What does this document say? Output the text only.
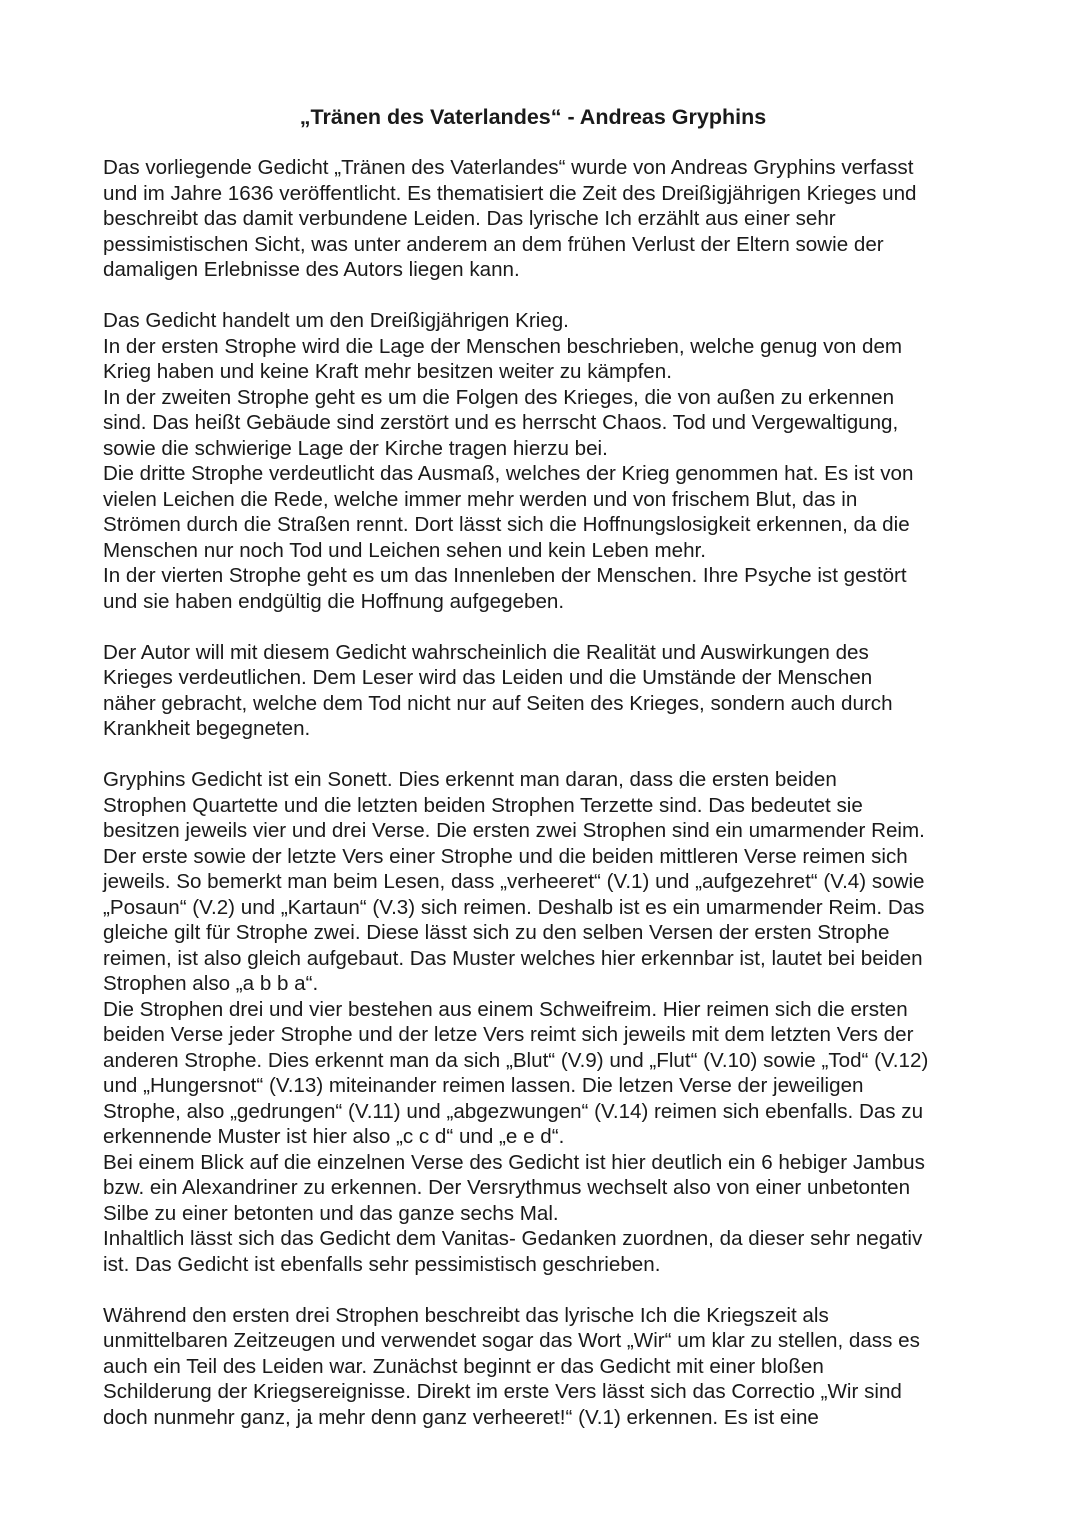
„Tränen des Vaterlandes“ - Andreas Gryphins
Das vorliegende Gedicht „Tränen des Vaterlandes“ wurde von Andreas Gryphins verfasst
und im Jahre 1636 veröffentlicht. Es thematisiert die Zeit des Dreißigjährigen Krieges und
beschreibt das damit verbundene Leiden. Das lyrische Ich erzählt aus einer sehr
pessimistischen Sicht, was unter anderem an dem frühen Verlust der Eltern sowie der
damaligen Erlebnisse des Autors liegen kann.
Das Gedicht handelt um den Dreißigjährigen Krieg.
In der ersten Strophe wird die Lage der Menschen beschrieben, welche genug von dem
Krieg haben und keine Kraft mehr besitzen weiter zu kämpfen.
In der zweiten Strophe geht es um die Folgen des Krieges, die von außen zu erkennen
sind. Das heißt Gebäude sind zerstört und es herrscht Chaos. Tod und Vergewaltigung,
sowie die schwierige Lage der Kirche tragen hierzu bei.
Die dritte Strophe verdeutlicht das Ausmaß, welches der Krieg genommen hat. Es ist von
vielen Leichen die Rede, welche immer mehr werden und von frischem Blut, das in
Strömen durch die Straßen rennt. Dort lässt sich die Hoffnungslosigkeit erkennen, da die
Menschen nur noch Tod und Leichen sehen und kein Leben mehr.
In der vierten Strophe geht es um das Innenleben der Menschen. Ihre Psyche ist gestört
und sie haben endgültig die Hoffnung aufgegeben.
Der Autor will mit diesem Gedicht wahrscheinlich die Realität und Auswirkungen des
Krieges verdeutlichen. Dem Leser wird das Leiden und die Umstände der Menschen
näher gebracht, welche dem Tod nicht nur auf Seiten des Krieges, sondern auch durch
Krankheit begegneten.
Gryphins Gedicht ist ein Sonett. Dies erkennt man daran, dass die ersten beiden
Strophen Quartette und die letzten beiden Strophen Terzette sind. Das bedeutet sie
besitzen jeweils vier und drei Verse. Die ersten zwei Strophen sind ein umarmender Reim.
Der erste sowie der letzte Vers einer Strophe und die beiden mittleren Verse reimen sich
jeweils. So bemerkt man beim Lesen, dass „verheeret“ (V.1) und „aufgezehret“ (V.4) sowie
„Posaun“ (V.2) und „Kartaun“ (V.3) sich reimen. Deshalb ist es ein umarmender Reim. Das
gleiche gilt für Strophe zwei. Diese lässt sich zu den selben Versen der ersten Strophe
reimen, ist also gleich aufgebaut. Das Muster welches hier erkennbar ist, lautet bei beiden
Strophen also „a b b a“.
Die Strophen drei und vier bestehen aus einem Schweifreim. Hier reimen sich die ersten
beiden Verse jeder Strophe und der letze Vers reimt sich jeweils mit dem letzten Vers der
anderen Strophe. Dies erkennt man da sich „Blut“ (V.9) und „Flut“ (V.10) sowie „Tod“ (V.12)
und „Hungersnot“ (V.13) miteinander reimen lassen. Die letzen Verse der jeweiligen
Strophe, also „gedrungen“ (V.11) und „abgezwungen“ (V.14) reimen sich ebenfalls. Das zu
erkennende Muster ist hier also „c c d“ und „e e d“.
Bei einem Blick auf die einzelnen Verse des Gedicht ist hier deutlich ein 6 hebiger Jambus
bzw. ein Alexandriner zu erkennen. Der Versrythmus wechselt also von einer unbetonten
Silbe zu einer betonten und das ganze sechs Mal.
Inhaltlich lässt sich das Gedicht dem Vanitas- Gedanken zuordnen, da dieser sehr negativ
ist. Das Gedicht ist ebenfalls sehr pessimistisch geschrieben.
Während den ersten drei Strophen beschreibt das lyrische Ich die Kriegszeit als
unmittelbaren Zeitzeugen und verwendet sogar das Wort „Wir“ um klar zu stellen, dass es
auch ein Teil des Leiden war. Zunächst beginnt er das Gedicht mit einer bloßen
Schilderung der Kriegsereignisse. Direkt im erste Vers lässt sich das Correctio „Wir sind
doch nunmehr ganz, ja mehr denn ganz verheeret!“ (V.1) erkennen. Es ist eine
